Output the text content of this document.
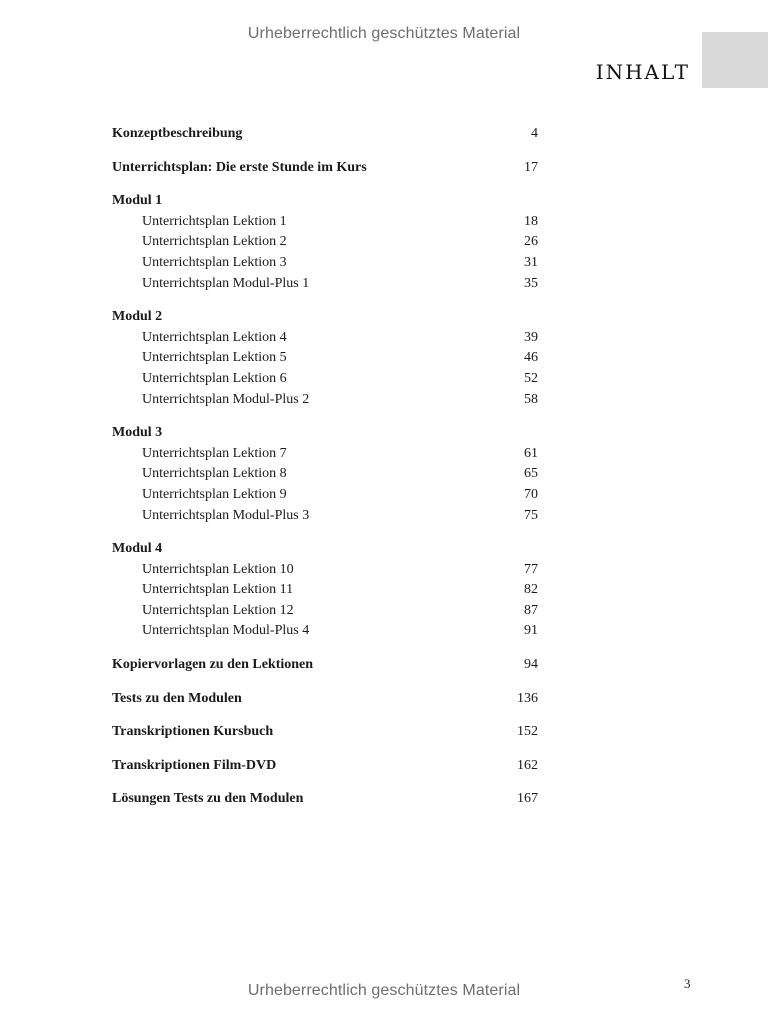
Urheberrechtlich geschütztes Material
INHALT
Konzeptbeschreibung	4
Unterrichtsplan: Die erste Stunde im Kurs	17
Modul 1
Unterrichtsplan Lektion 1	18
Unterrichtsplan Lektion 2	26
Unterrichtsplan Lektion 3	31
Unterrichtsplan Modul-Plus 1	35
Modul 2
Unterrichtsplan Lektion 4	39
Unterrichtsplan Lektion 5	46
Unterrichtsplan Lektion 6	52
Unterrichtsplan Modul-Plus 2	58
Modul 3
Unterrichtsplan Lektion 7	61
Unterrichtsplan Lektion 8	65
Unterrichtsplan Lektion 9	70
Unterrichtsplan Modul-Plus 3	75
Modul 4
Unterrichtsplan Lektion 10	77
Unterrichtsplan Lektion 11	82
Unterrichtsplan Lektion 12	87
Unterrichtsplan Modul-Plus 4	91
Kopiervorlagen zu den Lektionen	94
Tests zu den Modulen	136
Transkriptionen Kursbuch	152
Transkriptionen Film-DVD	162
Lösungen Tests zu den Modulen	167
3
Urheberrechtlich geschütztes Material
